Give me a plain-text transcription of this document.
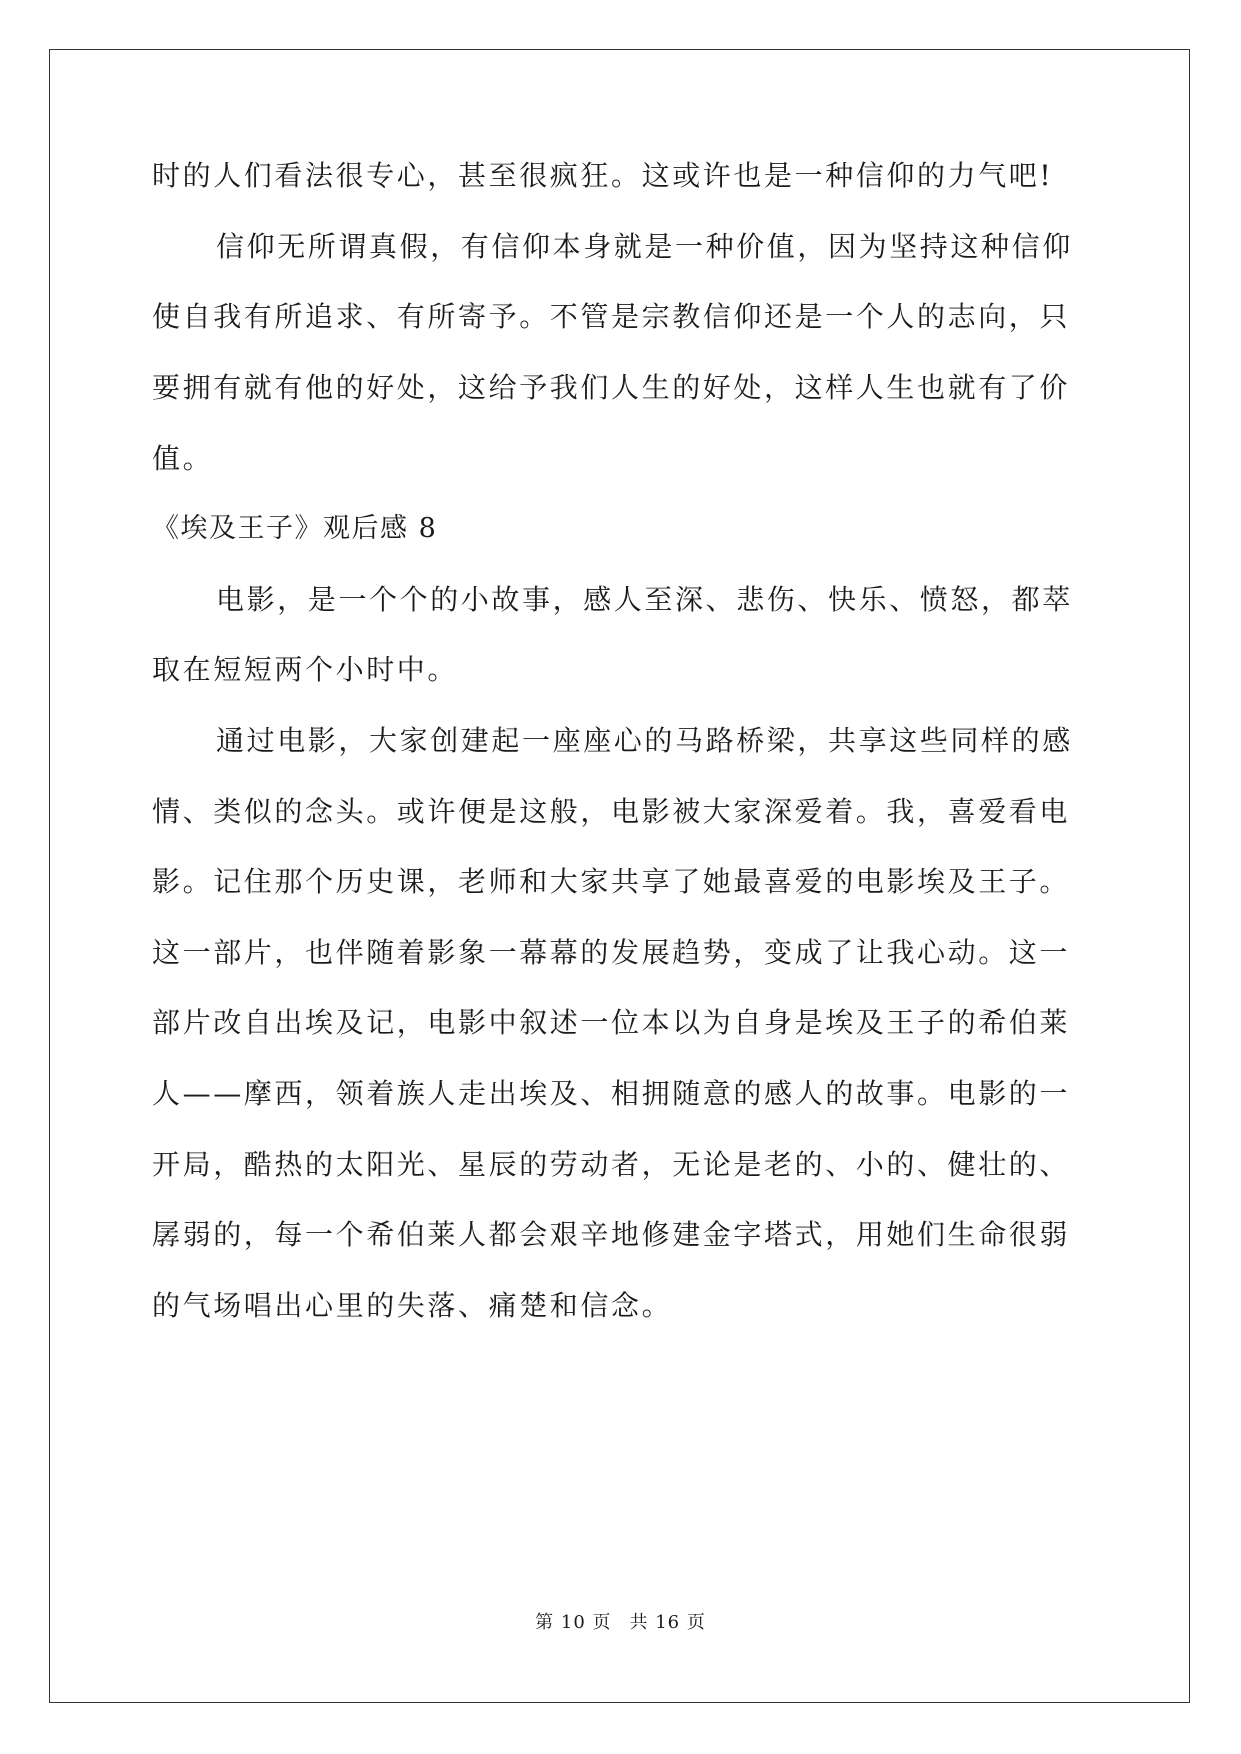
时的人们看法很专心，甚至很疯狂。这或许也是一种信仰的力气吧!
信仰无所谓真假，有信仰本身就是一种价值，因为坚持这种信仰
使自我有所追求、有所寄予。不管是宗教信仰还是一个人的志向，只
要拥有就有他的好处，这给予我们人生的好处，这样人生也就有了价
值。
《埃及王子》观后感 8
电影，是一个个的小故事，感人至深、悲伤、快乐、愤怒，都萃
取在短短两个小时中。
通过电影，大家创建起一座座心的马路桥梁，共享这些同样的感
情、类似的念头。或许便是这般，电影被大家深爱着。我，喜爱看电
影。记住那个历史课，老师和大家共享了她最喜爱的电影埃及王子。
这一部片，也伴随着影象一幕幕的发展趋势，变成了让我心动。这一
部片改自出埃及记，电影中叙述一位本以为自身是埃及王子的希伯莱
人——摩西，领着族人走出埃及、相拥随意的感人的故事。电影的一
开局，酷热的太阳光、星辰的劳动者，无论是老的、小的、健壮的、
孱弱的，每一个希伯莱人都会艰辛地修建金字塔式，用她们生命很弱
的气场唱出心里的失落、痛楚和信念。
第 10 页 共 16 页
